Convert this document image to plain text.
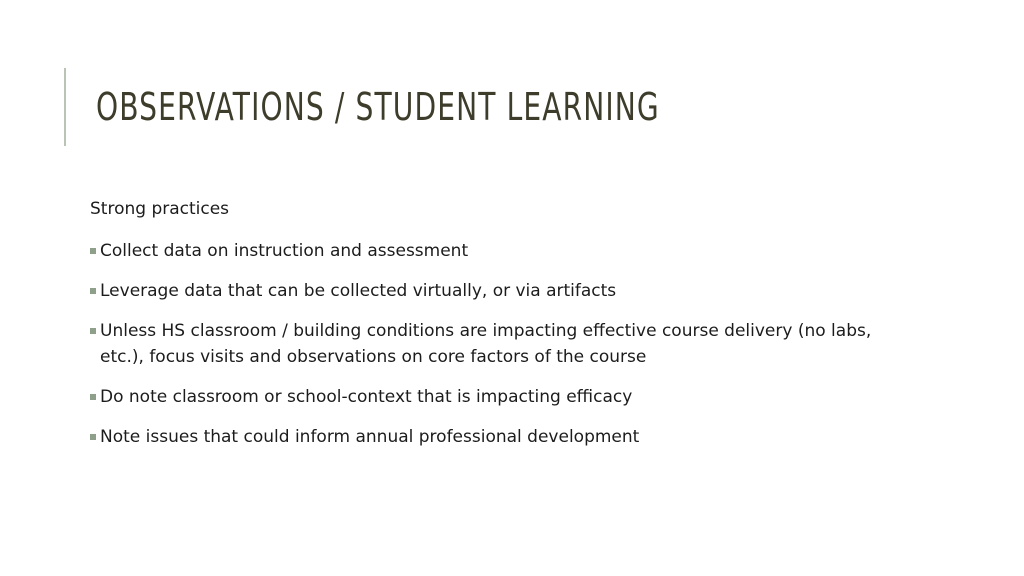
OBSERVATIONS / STUDENT LEARNING

Strong practices

Collect data on instruction and assessment
Leverage data that can be collected virtually, or via artifacts
Unless HS classroom / building conditions are impacting effective course delivery (no labs, etc.), focus visits and observations on core factors of the course
Do note classroom or school-context that is impacting efficacy
Note issues that could inform annual professional development
